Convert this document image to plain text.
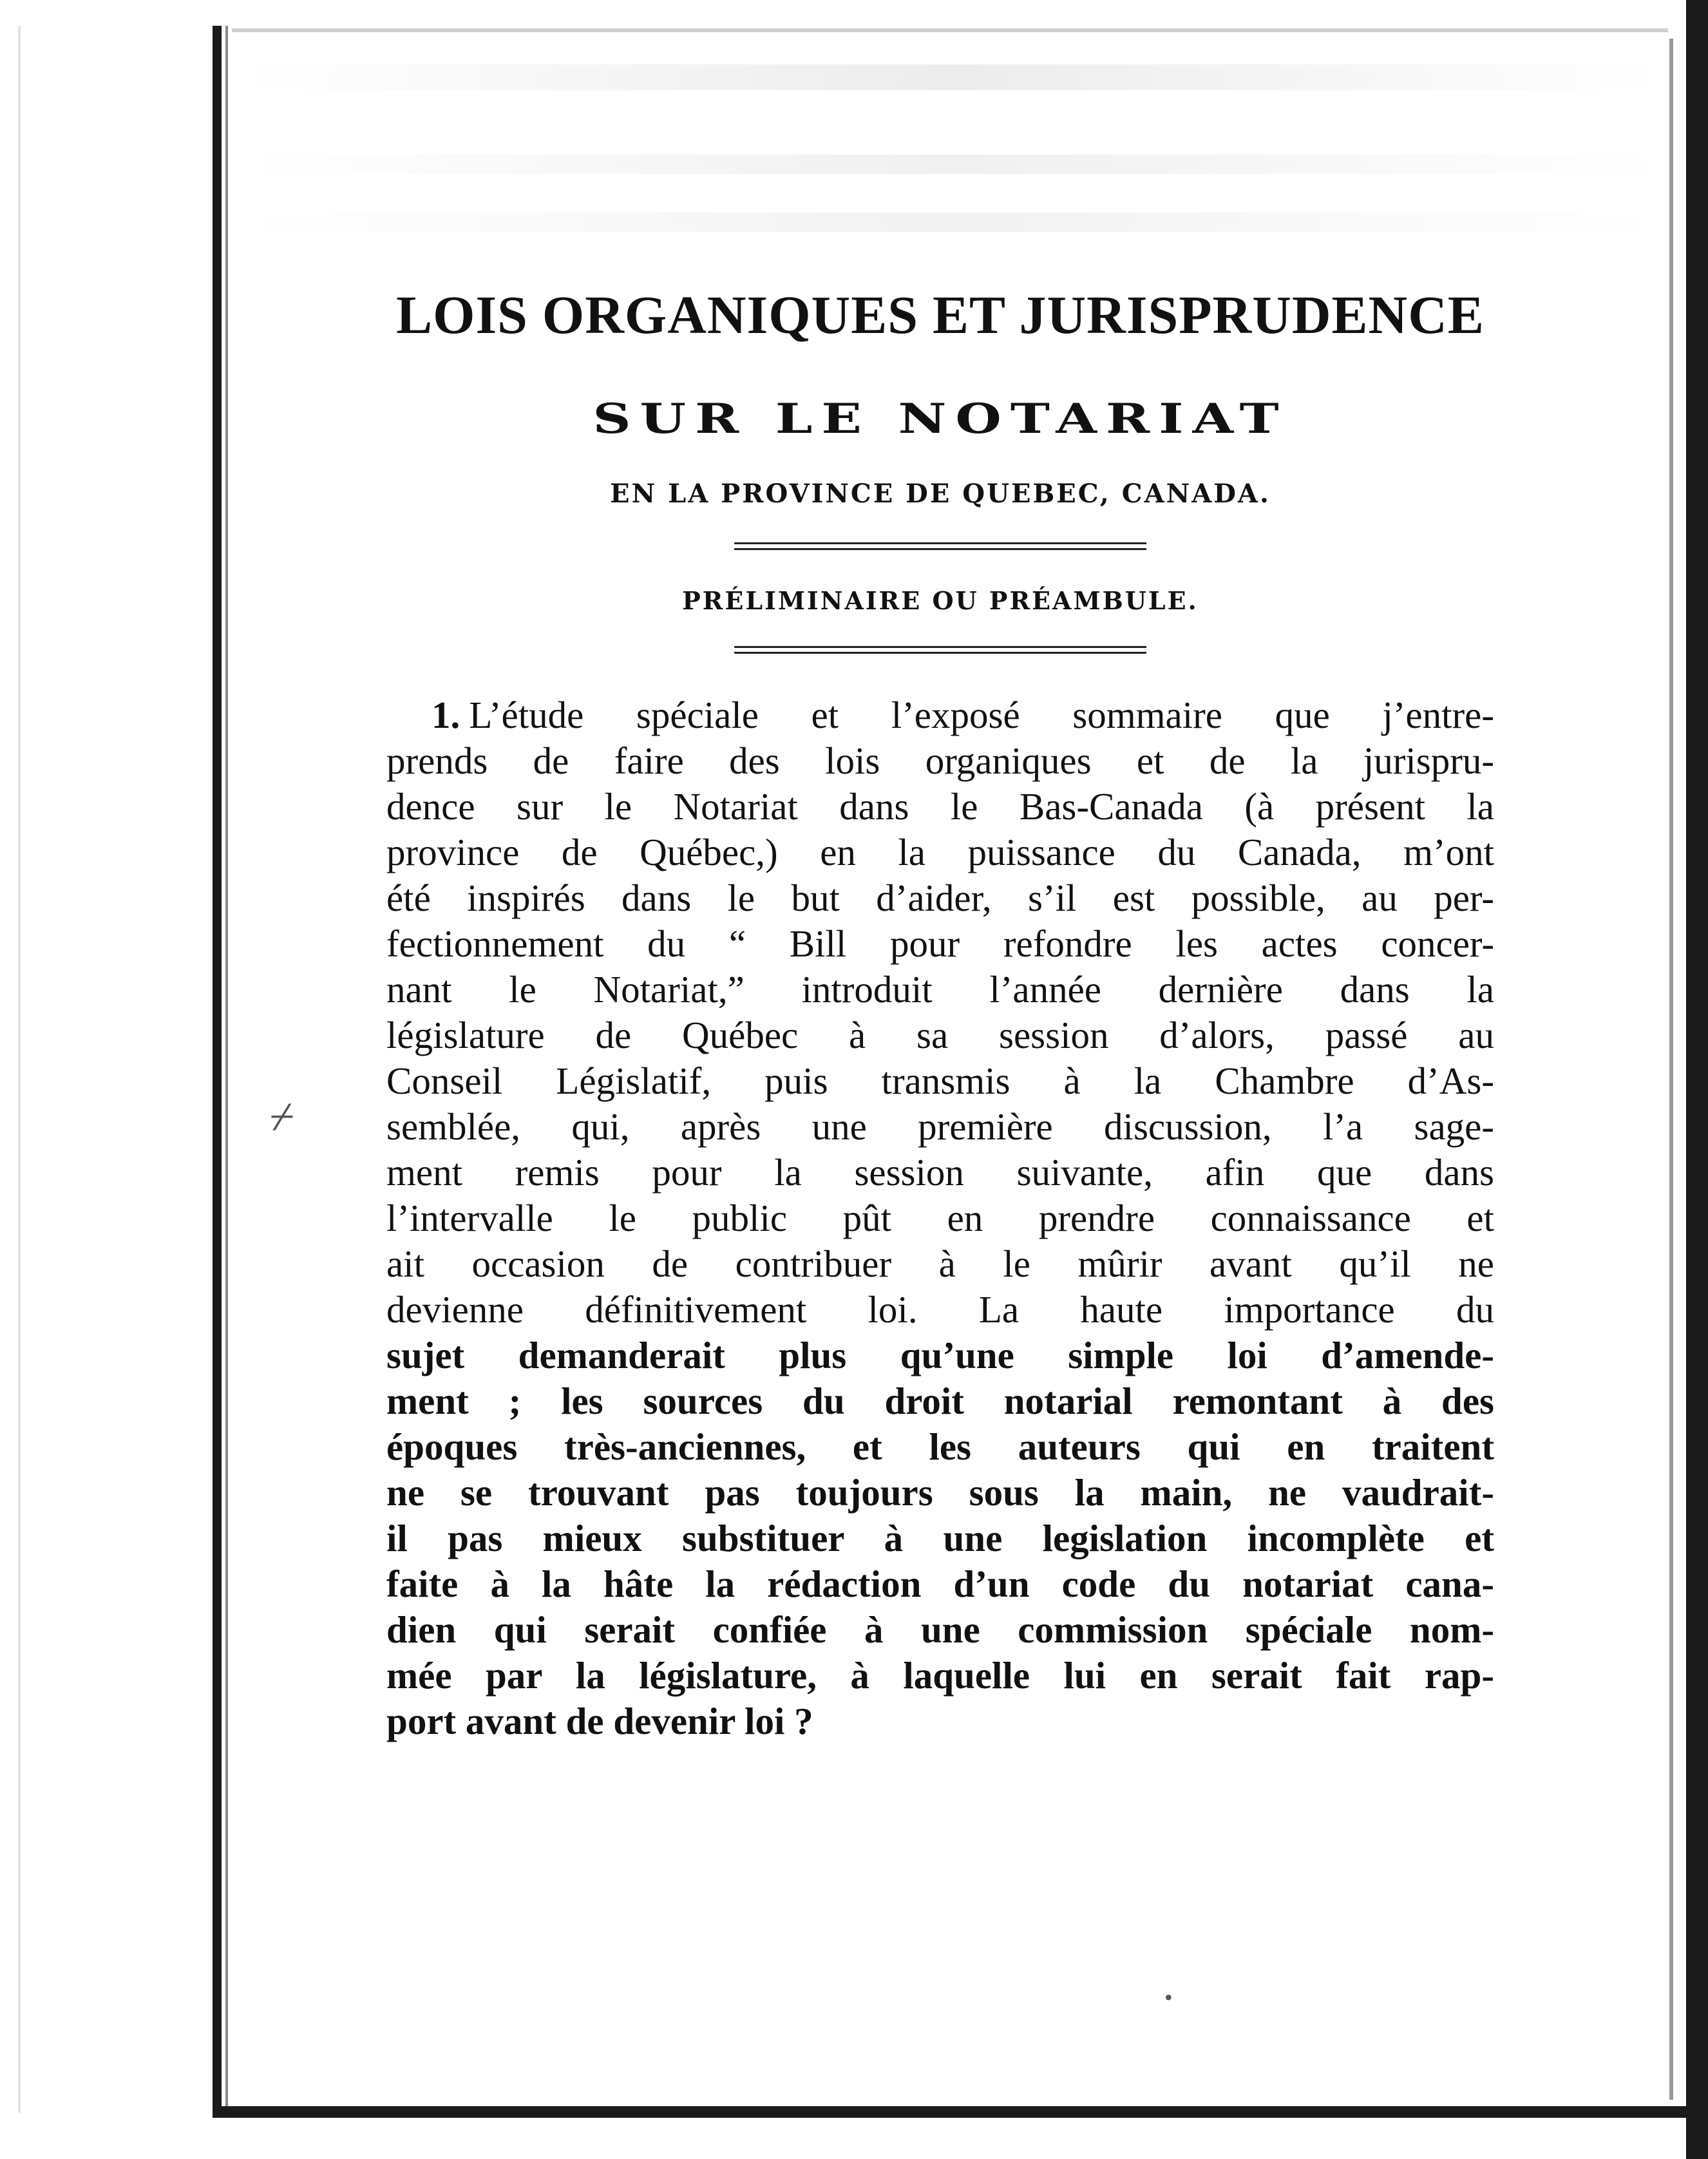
⌿
LOIS ORGANIQUES ET JURISPRUDENCE
SUR LE NOTARIAT
EN LA PROVINCE DE QUEBEC, CANADA.
PRÉLIMINAIRE OU PRÉAMBULE.
1. L’étude spéciale et l’exposé sommaire que j’entre-
prends de faire des lois organiques et de la jurispru-
dence sur le Notariat dans le Bas-Canada (à présent la
province de Québec,) en la puissance du Canada, m’ont
été inspirés dans le but d’aider, s’il est possible, au per-
fectionnement du “ Bill pour refondre les actes concer-
nant le Notariat,” introduit l’année dernière dans la
législature de Québec à sa session d’alors, passé au
Conseil Législatif, puis transmis à la Chambre d’As-
semblée, qui, après une première discussion, l’a sage-
ment remis pour la session suivante, afin que dans
l’intervalle le public pût en prendre connaissance et
ait occasion de contribuer à le mûrir avant qu’il ne
devienne définitivement loi. La haute importance du
sujet demanderait plus qu’une simple loi d’amende-
ment ; les sources du droit notarial remontant à des
époques très-anciennes, et les auteurs qui en traitent
ne se trouvant pas toujours sous la main, ne vaudrait-
il pas mieux substituer à une legislation incomplète et
faite à la hâte la rédaction d’un code du notariat cana-
dien qui serait confiée à une commission spéciale nom-
mée par la législature, à laquelle lui en serait fait rap-
port avant de devenir loi ?
•
